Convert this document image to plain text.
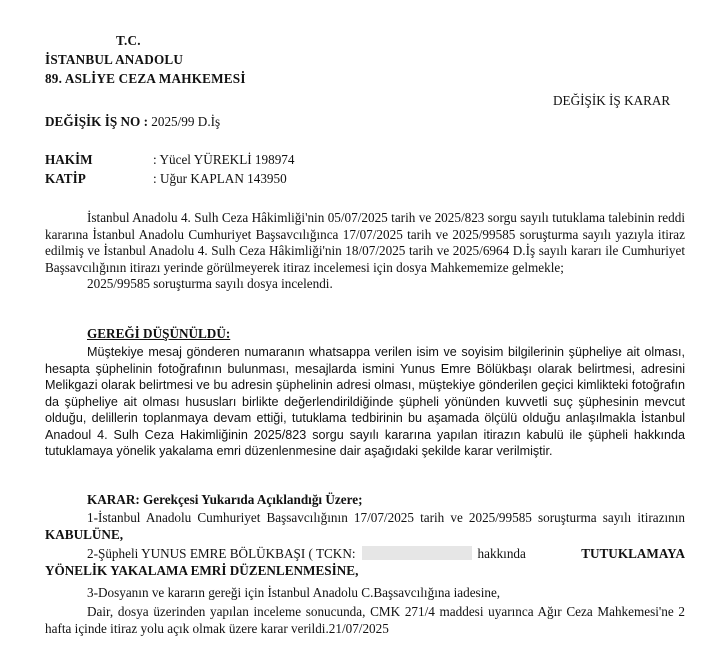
T.C.
İSTANBUL ANADOLU
89. ASLİYE CEZA MAHKEMESİ
DEĞİŞİK İŞ KARAR
DEĞİŞİK İŞ NO : 2025/99 D.İş
HAKİM	: Yücel YÜREKLİ 198974
KATİP	: Uğur KAPLAN 143950

İstanbul Anadolu 4. Sulh Ceza Hâkimliği'nin 05/07/2025 tarih ve 2025/823 sorgu sayılı tutuklama talebinin reddi kararına İstanbul Anadolu Cumhuriyet Başsavcılığınca 17/07/2025 tarih ve 2025/99585 soruşturma sayılı yazıyla itiraz edilmiş ve İstanbul Anadolu 4. Sulh Ceza Hâkimliği'nin 18/07/2025 tarih ve 2025/6964 D.İş sayılı kararı ile Cumhuriyet Başsavcılığının itirazı yerinde görülmeyerek itiraz incelemesi için dosya Mahkememize gelmekle;

2025/99585 soruşturma sayılı dosya incelendi.

GEREĞİ DÜŞÜNÜLDÜ:

Müştekiye mesaj gönderen numaranın whatsappa verilen isim ve soyisim bilgilerinin şüpheliye ait olması, hesapta şüphelinin fotoğrafının bulunması, mesajlarda ismini Yunus Emre Bölükbaşı olarak belirtmesi, adresini Melikgazi olarak belirtmesi ve bu adresin şüphelinin adresi olması, müştekiye gönderilen geçici kimlikteki fotoğrafın da şüpheliye ait olması hususları birlikte değerlendirildiğinde şüpheli yönünden kuvvetli suç şüphesinin mevcut olduğu, delillerin toplanmaya devam ettiği, tutuklama tedbirinin bu aşamada ölçülü olduğu anlaşılmakla İstanbul Anadoul 4. Sulh Ceza Hakimliğinin 2025/823 sorgu sayılı kararına yapılan itirazın kabulü ile şüpheli hakkında tutuklamaya yönelik yakalama emri düzenlenmesine dair aşağıdaki şekilde karar verilmiştir.

KARAR: Gerekçesi Yukarıda Açıklandığı Üzere;

1-İstanbul Anadolu Cumhuriyet Başsavcılığının 17/07/2025 tarih ve 2025/99585 soruşturma sayılı itirazının KABULÜNE,

2-Şüpheli YUNUS EMRE BÖLÜKBAŞI ( TCKN:	hakkında	TUTUKLAMAYA
YÖNELİK YAKALAMA EMRİ DÜZENLENMESİNE,
3-Dosyanın ve kararın gereği için İstanbul Anadolu C.Başsavcılığına iadesine,

Dair, dosya üzerinden yapılan inceleme sonucunda, CMK 271/4 maddesi uyarınca Ağır Ceza Mahkemesi'ne 2 hafta içinde itiraz yolu açık olmak üzere karar verildi.21/07/2025
